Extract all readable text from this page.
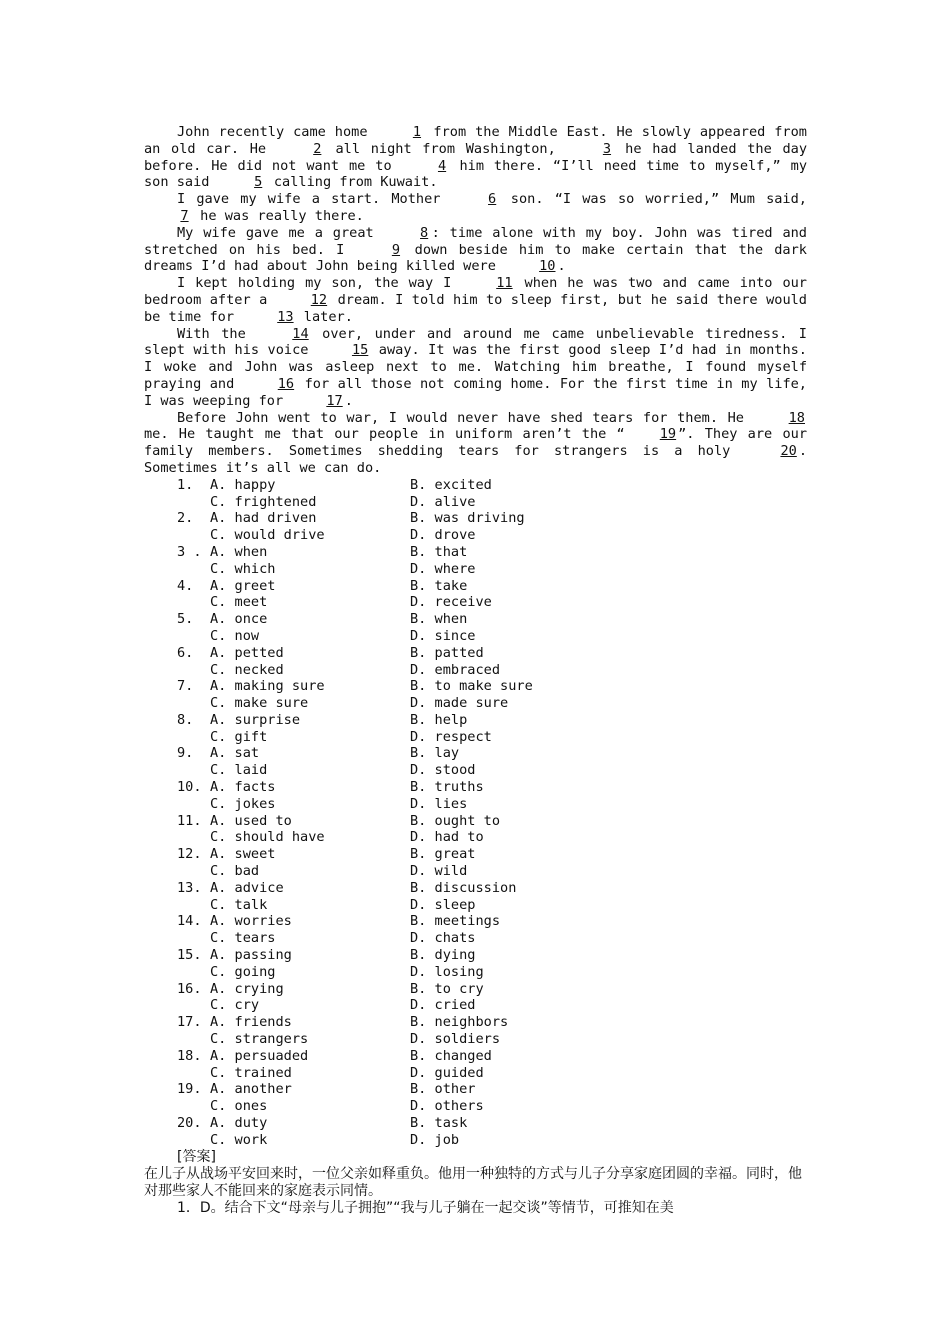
John recently came home	1 from the Middle East. He slowly appeared from an old car. He	2 all night from Washington,	3 he had landed the day before. He did not want me to	4 him there. “I’ll need time to myself,” my son said	5 calling from Kuwait.

I gave my wife a start. Mother	6 son. “I was so worried,” Mum said, 7 he was really there.

My wife gave me a great	8 : time alone with my boy. John was tired and stretched on his bed. I	9 down beside him to make certain that the dark dreams I’d had about John being killed were	10 .

I kept holding my son, the way I	11 when he was two and came into our bedroom after a	12 dream. I told him to sleep first, but he said there would be time for	13 later.

With the	14 over, under and around me came unbelievable tiredness. I slept with his voice	15 away. It was the first good sleep I’d had in months. I woke and John was asleep next to me. Watching him breathe, I found myself praying and	16 for all those not coming home. For the first time in my life, I was weeping for	17 .

Before John went to war, I would never have shed tears for them. He	18 me. He taught me that our people in uniform aren’t the “	19 ”. They are our family members. Sometimes shedding tears for strangers is a holy	20 . Sometimes it’s all we can do.

1. A. happy	B. excited
C. frightened	D. alive
2. A. had driven	B. was driving
C. would drive	D. drove
3 . A. when	B. that
C. which	D. where
4. A. greet	B. take
C. meet	D. receive
5. A. once	B. when
C. now	D. since
6. A. petted	B. patted
C. necked	D. embraced
7. A. making sure	B. to make sure
C. make sure	D. made sure
8. A. surprise	B. help
C. gift	D. respect
9. A. sat	B. lay
C. laid	D. stood
10. A. facts	B. truths
C. jokes	D. lies
11. A. used to	B. ought to
C. should have	D. had to
12. A. sweet	B. great
C. bad	D. wild
13. A. advice	B. discussion
C. talk	D. sleep
14. A. worries	B. meetings
C. tears	D. chats
15. A. passing	B. dying
C. going	D. losing
16. A. crying	B. to cry
C. cry	D. cried
17. A. friends	B. neighbors
C. strangers	D. soldiers
18. A. persuaded	B. changed
C. trained	D. guided
19. A. another	B. other
C. ones	D. others
20. A. duty	B. task
C. work	D. job

[答案]

在儿子从战场平安回来时，一位父亲如释重负。他用一种独特的方式与儿子分享家庭团圆的幸福。同时，他对那些家人不能回来的家庭表示同情。

1．D。结合下文“母亲与儿子拥抱”“我与儿子躺在一起交谈”等情节，可推知在美
